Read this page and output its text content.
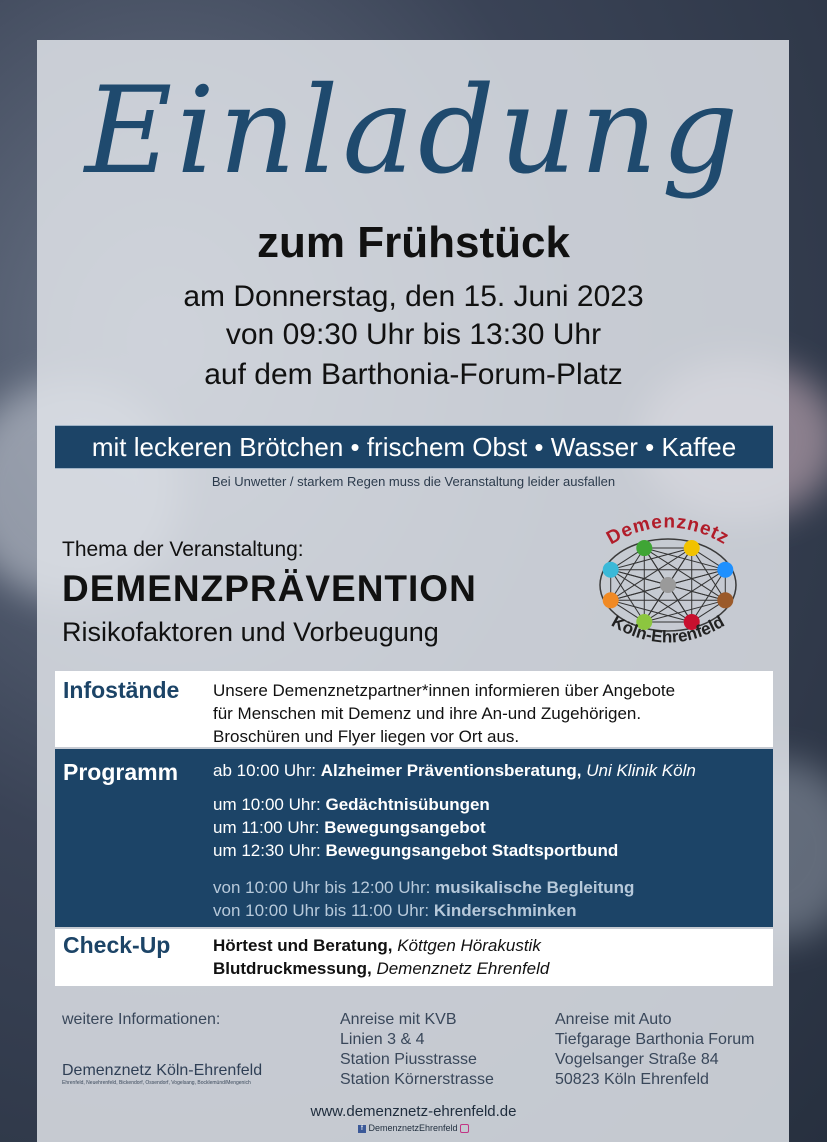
Einladung
zum Frühstück
am Donnerstag, den 15. Juni 2023
von 09:30 Uhr bis 13:30 Uhr
auf dem Barthonia-Forum-Platz
mit leckeren Brötchen • frischem Obst • Wasser • Kaffee
Bei Unwetter / starkem Regen muss die Veranstaltung leider ausfallen
Thema der Veranstaltung:
DEMENZPRÄVENTION
Risikofaktoren und Vorbeugung
Demenznetz
Köln-Ehrenfeld
Infostände Unsere Demenznetzpartner*innen informieren über Angebote
für Menschen mit Demenz und ihre An-und Zugehörigen.
Broschüren und Flyer liegen vor Ort aus.
Programm ab 10:00 Uhr: Alzheimer Präventionsberatung, Uni Klinik Köln
um 10:00 Uhr: Gedächtnisübungen
um 11:00 Uhr: Bewegungsangebot
um 12:30 Uhr: Bewegungsangebot Stadtsportbund
von 10:00 Uhr bis 12:00 Uhr: musikalische Begleitung
von 10:00 Uhr bis 11:00 Uhr: Kinderschminken
Check-Up	Hörtest und Beratung, Köttgen Hörakustik
Blutdruckmessung, Demenznetz Ehrenfeld
weitere Informationen:
Demenznetz Köln-Ehrenfeld
Ehrenfeld, Neuehrenfeld, Bickendorf, Ossendorf, Vogelsang, Bocklemünd/Mengenich
Anreise mit KVB
Linien 3 & 4
Station Piusstrasse
Station Körnerstrasse
Anreise mit Auto
Tiefgarage Barthonia Forum
Vogelsanger Straße 84
50823 Köln Ehrenfeld
www.demenznetz-ehrenfeld.de
f DemenznetzEhrenfeld
